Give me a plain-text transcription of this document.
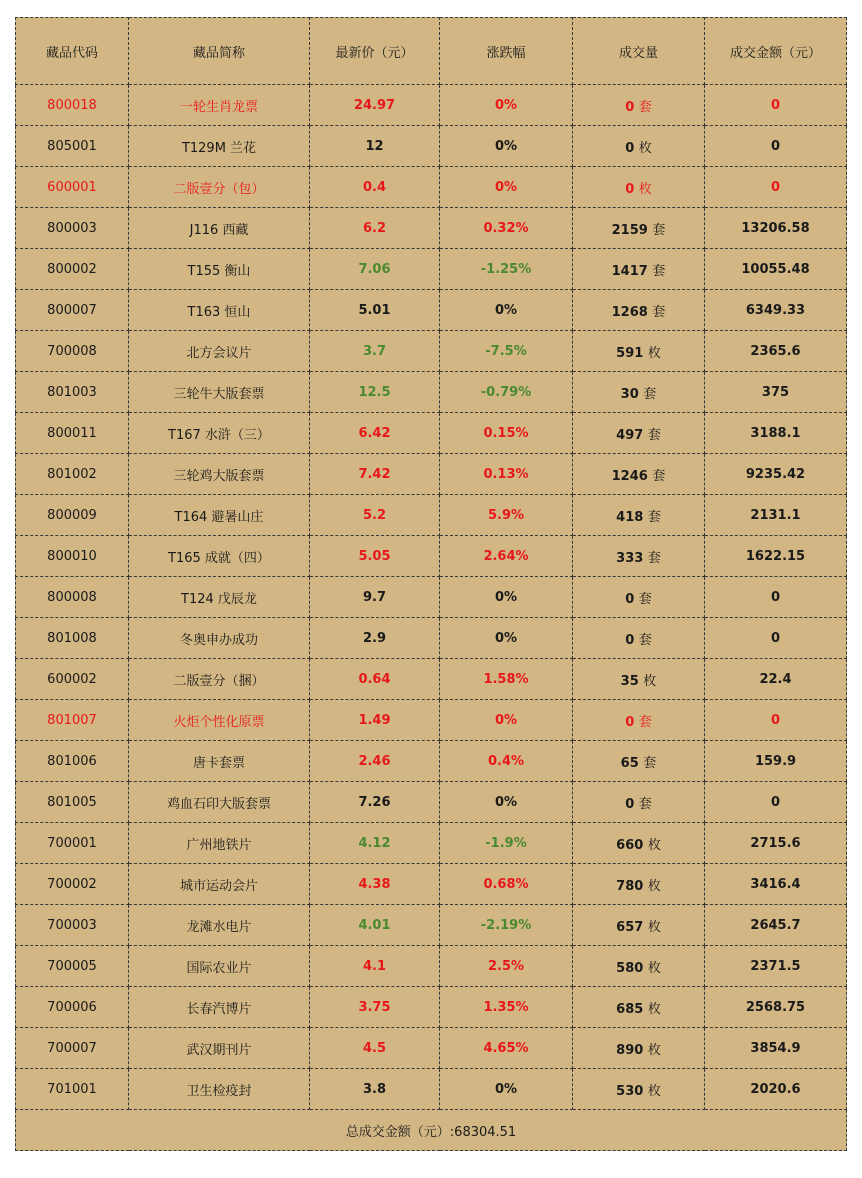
藏品代码	藏品简称	最新价（元）	涨跌幅	成交量	成交金额（元）
800018	一轮生肖龙票	24.97	0%	0 套	0
805001	T129M 兰花	12	0%	0 枚	0
600001	二版壹分（包）	0.4	0%	0 枚	0
800003	J116 西藏	6.2	0.32%	2159 套	13206.58
800002	T155 衡山	7.06	-1.25%	1417 套	10055.48
800007	T163 恒山	5.01	0%	1268 套	6349.33
700008	北方会议片	3.7	-7.5%	591 枚	2365.6
801003	三轮牛大版套票	12.5	-0.79%	30 套	375
800011	T167 水浒（三）	6.42	0.15%	497 套	3188.1
801002	三轮鸡大版套票	7.42	0.13%	1246 套	9235.42
800009	T164 避暑山庄	5.2	5.9%	418 套	2131.1
800010	T165 成就（四）	5.05	2.64%	333 套	1622.15
800008	T124 戊辰龙	9.7	0%	0 套	0
801008	冬奥申办成功	2.9	0%	0 套	0
600002	二版壹分（捆）	0.64	1.58%	35 枚	22.4
801007	火炬个性化原票	1.49	0%	0 套	0
801006	唐卡套票	2.46	0.4%	65 套	159.9
801005	鸡血石印大版套票	7.26	0%	0 套	0
700001	广州地铁片	4.12	-1.9%	660 枚	2715.6
700002	城市运动会片	4.38	0.68%	780 枚	3416.4
700003	龙滩水电片	4.01	-2.19%	657 枚	2645.7
700005	国际农业片	4.1	2.5%	580 枚	2371.5
700006	长春汽博片	3.75	1.35%	685 枚	2568.75
700007	武汉期刊片	4.5	4.65%	890 枚	3854.9
701001	卫生检疫封	3.8	0%	530 枚	2020.6
总成交金额（元）:68304.51					
